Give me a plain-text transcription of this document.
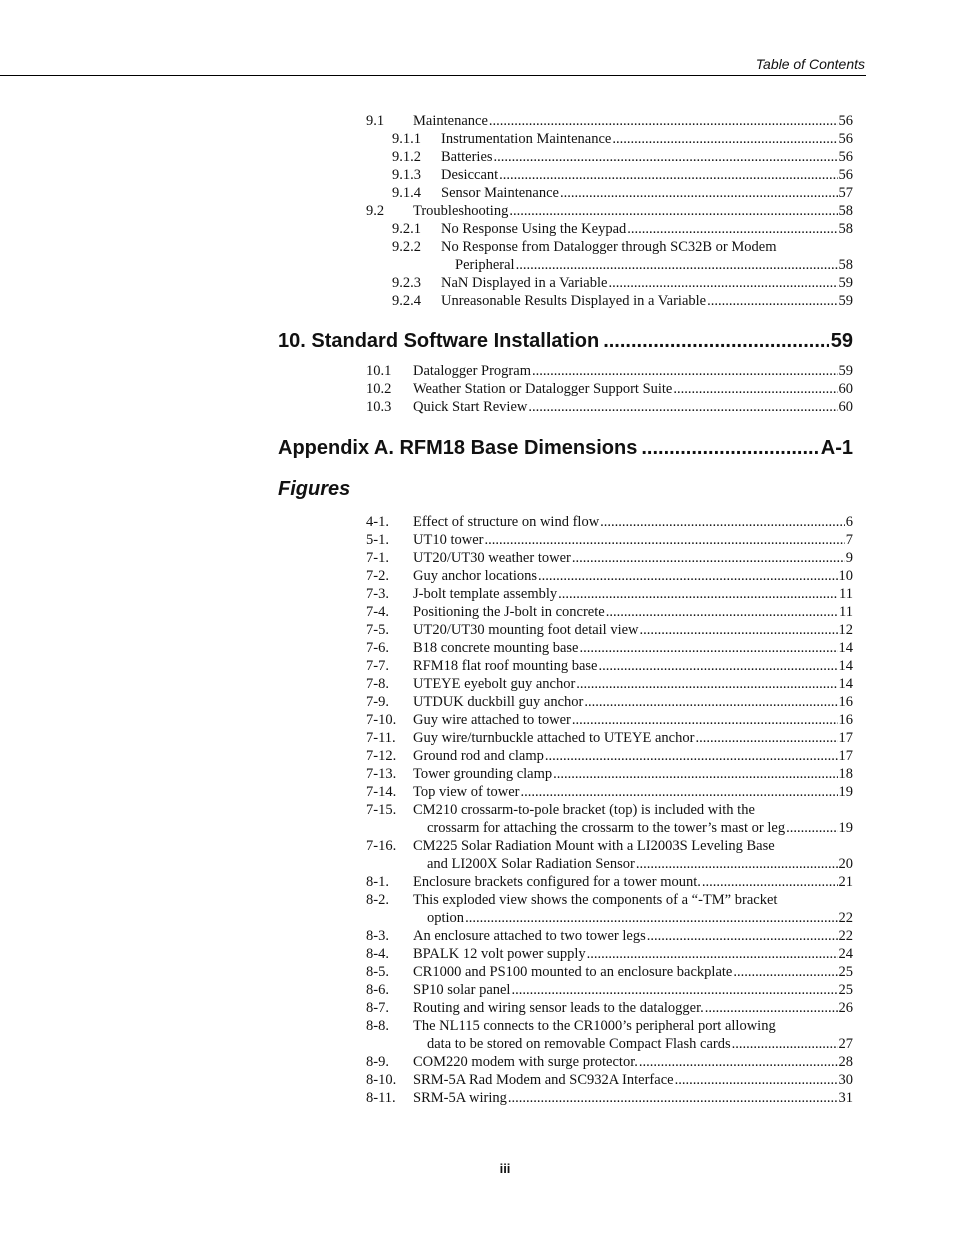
Table of Contents
9.1 Maintenance .....	56
9.1.1 Instrumentation Maintenance .....	56
9.1.2 Batteries .....	56
9.1.3 Desiccant .....	56
9.1.4 Sensor Maintenance .....	57
9.2 Troubleshooting .....	58
9.2.1 No Response Using the Keypad .....	58
9.2.2 No Response from Datalogger through SC32B or Modem
Peripheral .....	58
9.2.3 NaN Displayed in a Variable .....	59
9.2.4 Unreasonable Results Displayed in a Variable .....	59
10. Standard Software Installation .....	59
10.1 Datalogger Program .....	59
10.2 Weather Station or Datalogger Support Suite .....	60
10.3 Quick Start Review .....	60
Appendix A. RFM18 Base Dimensions .....	A-1
Figures
4-1. Effect of structure on wind flow .....	6
5-1. UT10 tower .....	7
7-1. UT20/UT30 weather tower .....	9
7-2. Guy anchor locations .....	10
7-3. J-bolt template assembly .....	11
7-4. Positioning the J-bolt in concrete .....	11
7-5. UT20/UT30 mounting foot detail view .....	12
7-6. B18 concrete mounting base .....	14
7-7. RFM18 flat roof mounting base .....	14
7-8. UTEYE eyebolt guy anchor .....	14
7-9. UTDUK duckbill guy anchor .....	16
7-10. Guy wire attached to tower .....	16
7-11. Guy wire/turnbuckle attached to UTEYE anchor .....	17
7-12. Ground rod and clamp .....	17
7-13. Tower grounding clamp .....	18
7-14. Top view of tower .....	19
7-15. CM210 crossarm-to-pole bracket (top) is included with the
crossarm for attaching the crossarm to the tower’s mast or leg .....	19
7-16. CM225 Solar Radiation Mount with a LI2003S Leveling Base
and LI200X Solar Radiation Sensor .....	20
8-1. Enclosure brackets configured for a tower mount. .....	21
8-2. This exploded view shows the components of a “-TM” bracket
option .....	22
8-3. An enclosure attached to two tower legs .....	22
8-4. BPALK 12 volt power supply .....	24
8-5. CR1000 and PS100 mounted to an enclosure backplate .....	25
8-6. SP10 solar panel .....	25
8-7. Routing and wiring sensor leads to the datalogger. .....	26
8-8. The NL115 connects to the CR1000’s peripheral port allowing
data to be stored on removable Compact Flash cards .....	27
8-9. COM220 modem with surge protector. .....	28
8-10. SRM-5A Rad Modem and SC932A Interface .....	30
8-11. SRM-5A wiring .....	31
iii
